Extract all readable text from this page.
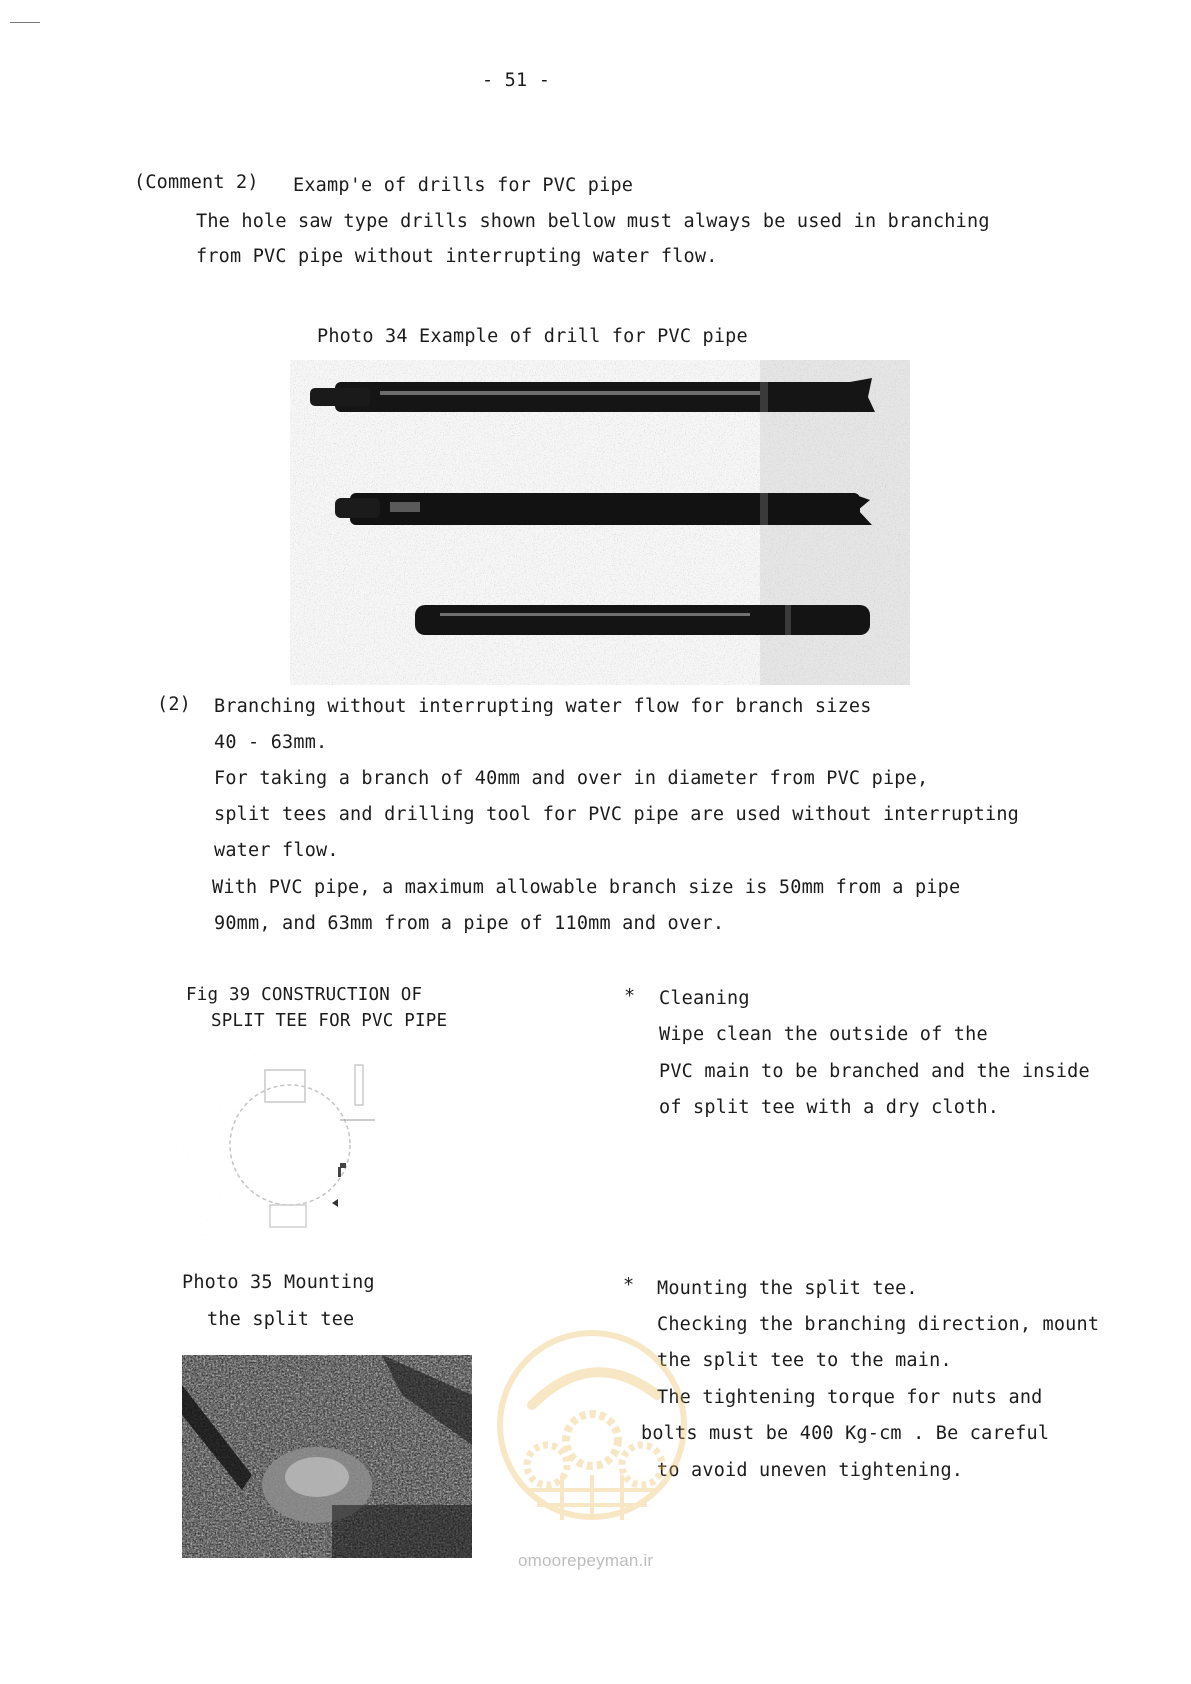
- 51 -
(Comment 2) Examp'e of drills for PVC pipe
The hole saw type drills shown bellow must always be used in branching
from PVC pipe without interrupting water flow.
Photo 34 Example of drill for PVC pipe
(2) Branching without interrupting water flow for branch sizes
40 - 63mm.
For taking a branch of 40mm and over in diameter from PVC pipe,
split tees and drilling tool for PVC pipe are used without interrupting
water flow.
With PVC pipe, a maximum allowable branch size is 50mm from a pipe
90mm, and 63mm from a pipe of 110mm and over.
Fig 39 CONSTRUCTION OF
SPLIT TEE FOR PVC PIPE
* Cleaning
Wipe clean the outside of the
PVC main to be branched and the inside
of split tee with a dry cloth.
Photo 35 Mounting
the split tee
* Mounting the split tee.
Checking the branching direction, mount
the split tee to the main.
The tightening torque for nuts and
bolts must be 400 Kg-cm . Be careful
to avoid uneven tightening.
omoorepeyman.ir
